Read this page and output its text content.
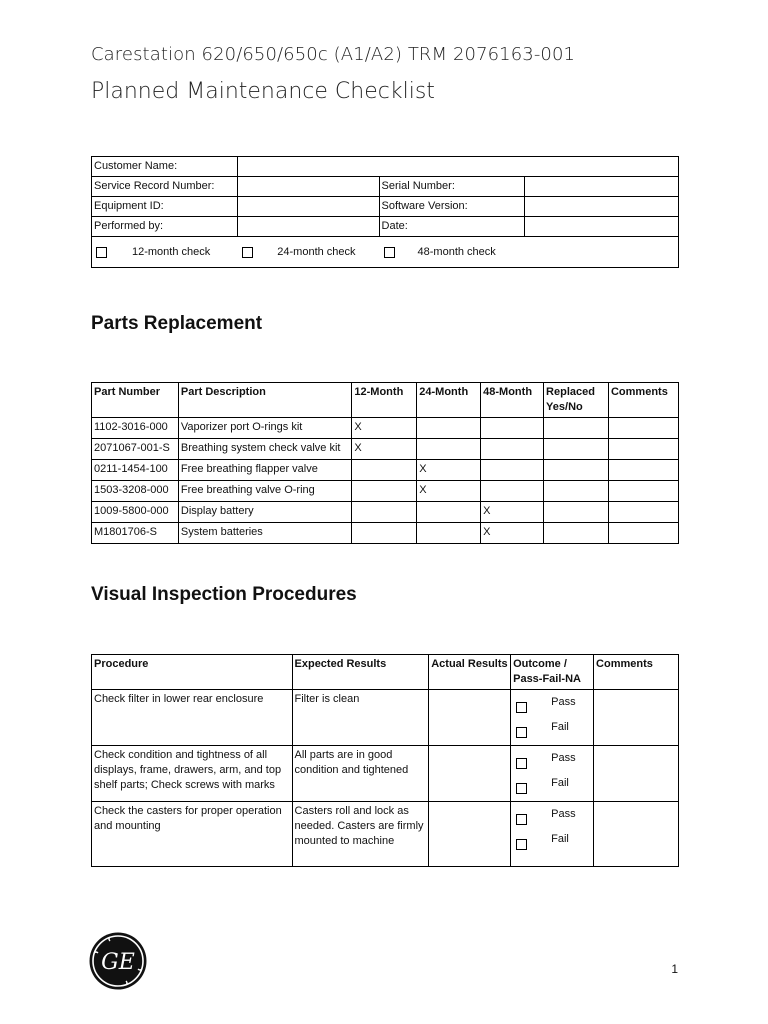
Carestation 620/650/650c (A1/A2) TRM 2076163-001

Planned Maintenance Checklist

Customer Name:			
Service Record Number:		Serial Number:	
Equipment ID:		Software Version:	
Performed by:		Date:	

12-month check 24-month check 48-month check			
Parts Replacement
Part Number	Part Description	12-Month	24-Month	48-Month	Replaced Yes/No	Comments
1102-3016-000	Vaporizer port O-rings kit	X				
2071067-001-S	Breathing system check valve kit	X				
0211-1454-100	Free breathing flapper valve		X			
1503-3208-000	Free breathing valve O-ring		X			
1009-5800-000	Display battery			X		
M1801706-S	System batteries			X		
Visual Inspection Procedures
Procedure	Expected Results	Actual Results	Outcome / Pass-Fail-NA	Comments
Check filter in lower rear enclosure	Filter is clean		Pass
Fail	

Check condition and tightness of all displays, frame, drawers, arm, and top shelf parts; Check screws with marks	All parts are in good condition and tightened		Pass
Fail	

Check the casters for proper operation and mounting	Casters roll and lock as needed. Casters are firmly mounted to machine		Pass
Fail	

GE	1
